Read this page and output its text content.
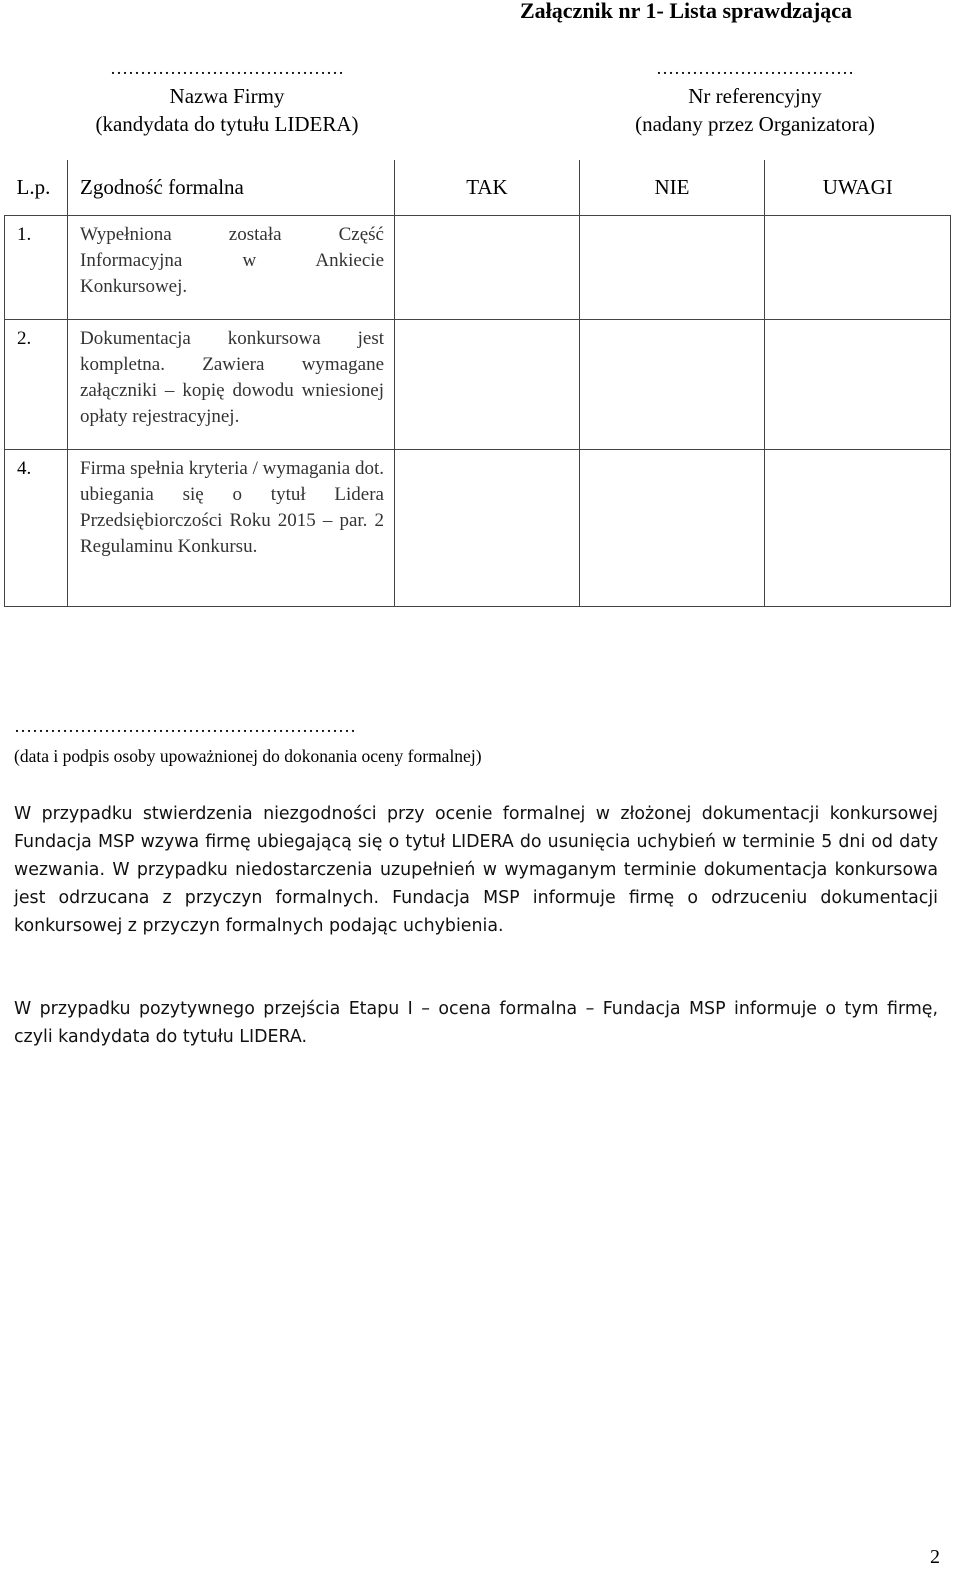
Załącznik nr 1- Lista sprawdzająca
…………………………………
Nazwa Firmy
(kandydata do tytułu LIDERA)
……………………………
Nr referencyjny
(nadany przez Organizatora)
L.p.	Zgodność formalna	TAK	NIE	UWAGI
1.	Wypełniona została Część Informacyjna w Ankiecie Konkursowej.			
2.	Dokumentacja konkursowa jest kompletna. Zawiera wymagane załączniki – kopię dowodu wniesionej opłaty rejestracyjnej.			
4.	Firma spełnia kryteria / wymagania dot. ubiegania się o tytuł Lidera Przedsiębiorczości Roku 2015 – par. 2 Regulaminu Konkursu.			
…………………………………………………
(data i podpis osoby upoważnionej do dokonania oceny formalnej)
W przypadku stwierdzenia niezgodności przy ocenie formalnej w złożonej dokumentacji konkursowej Fundacja MSP wzywa firmę ubiegającą się o tytuł LIDERA do usunięcia uchybień w terminie 5 dni od daty wezwania. W przypadku niedostarczenia uzupełnień w wymaganym terminie dokumentacja konkursowa jest odrzucana z przyczyn formalnych. Fundacja MSP informuje firmę o odrzuceniu dokumentacji konkursowej z przyczyn formalnych podając uchybienia.
W przypadku pozytywnego przejścia Etapu I – ocena formalna – Fundacja MSP informuje o tym firmę, czyli kandydata do tytułu LIDERA.
2
